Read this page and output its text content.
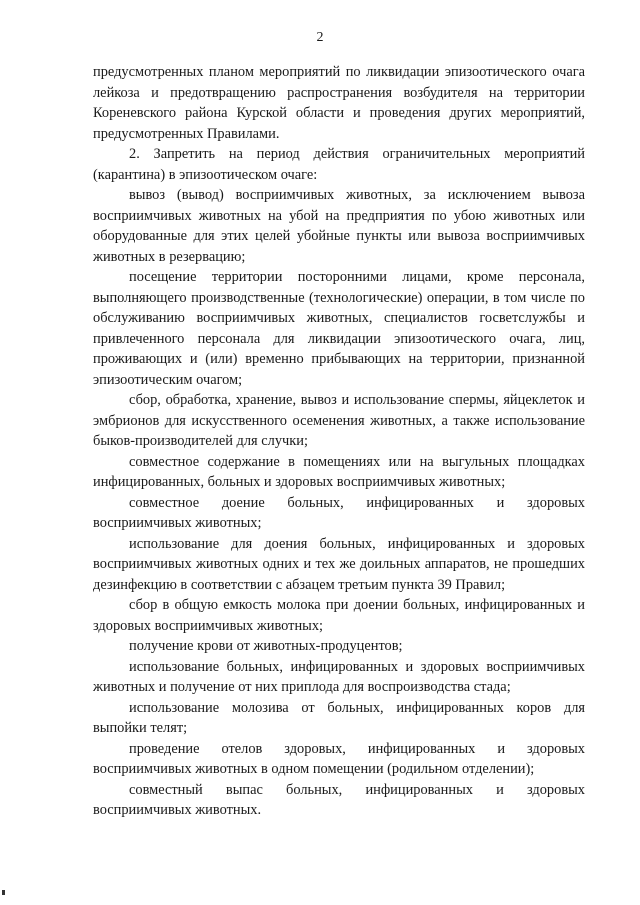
2

предусмотренных планом мероприятий по ликвидации эпизоотического очага лейкоза и предотвращению распространения возбудителя на территории Кореневского района Курской области и проведения других мероприятий, предусмотренных Правилами.

2. Запретить на период действия ограничительных мероприятий (карантина) в эпизоотическом очаге:

вывоз (вывод) восприимчивых животных, за исключением вывоза восприимчивых животных на убой на предприятия по убою животных или оборудованные для этих целей убойные пункты или вывоза восприимчивых животных в резервацию;

посещение территории посторонними лицами, кроме персонала, выполняющего производственные (технологические) операции, в том числе по обслуживанию восприимчивых животных, специалистов госветслужбы и привлеченного персонала для ликвидации эпизоотического очага, лиц, проживающих и (или) временно прибывающих на территории, признанной эпизоотическим очагом;

сбор, обработка, хранение, вывоз и использование спермы, яйцеклеток и эмбрионов для искусственного осеменения животных, а также использование быков-производителей для случки;

совместное содержание в помещениях или на выгульных площадках инфицированных, больных и здоровых восприимчивых животных;

совместное доение больных, инфицированных и здоровых восприимчивых животных;

использование для доения больных, инфицированных и здоровых восприимчивых животных одних и тех же доильных аппаратов, не прошедших дезинфекцию в соответствии с абзацем третьим пункта 39 Правил;

сбор в общую емкость молока при доении больных, инфицированных и здоровых восприимчивых животных;

получение крови от животных-продуцентов;

использование больных, инфицированных и здоровых восприимчивых животных и получение от них приплода для воспроизводства стада;

использование молозива от больных, инфицированных коров для выпойки телят;

проведение отелов здоровых, инфицированных и здоровых восприимчивых животных в одном помещении (родильном отделении);

совместный выпас больных, инфицированных и здоровых восприимчивых животных.
